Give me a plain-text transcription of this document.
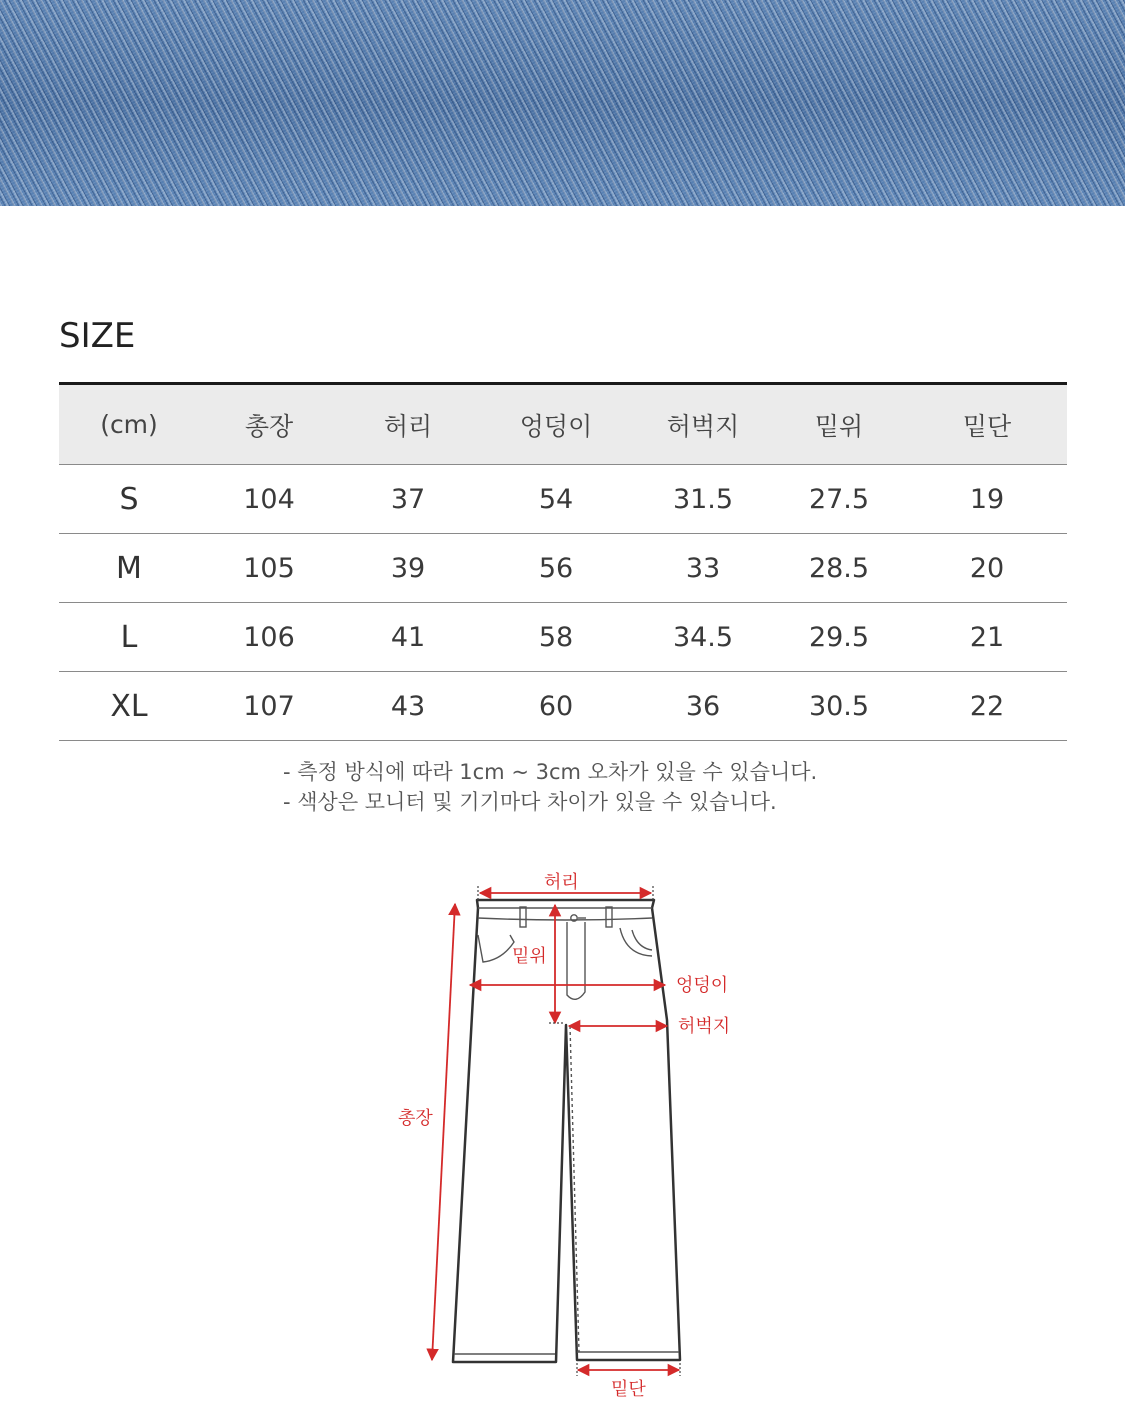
SIZE
(cm)	총장	허리	엉덩이	허벅지	밑위	밑단
S	104	37	54	31.5	27.5	19
M	105	39	56	33	28.5	20
L	106	41	58	34.5	29.5	21
XL	107	43	60	36	30.5	22
- 측정 방식에 따라 1cm ~ 3cm 오차가 있을 수 있습니다.
- 색상은 모니터 및 기기마다 차이가 있을 수 있습니다.
허리
밑위
엉덩이
허벅지
총장
밑단
